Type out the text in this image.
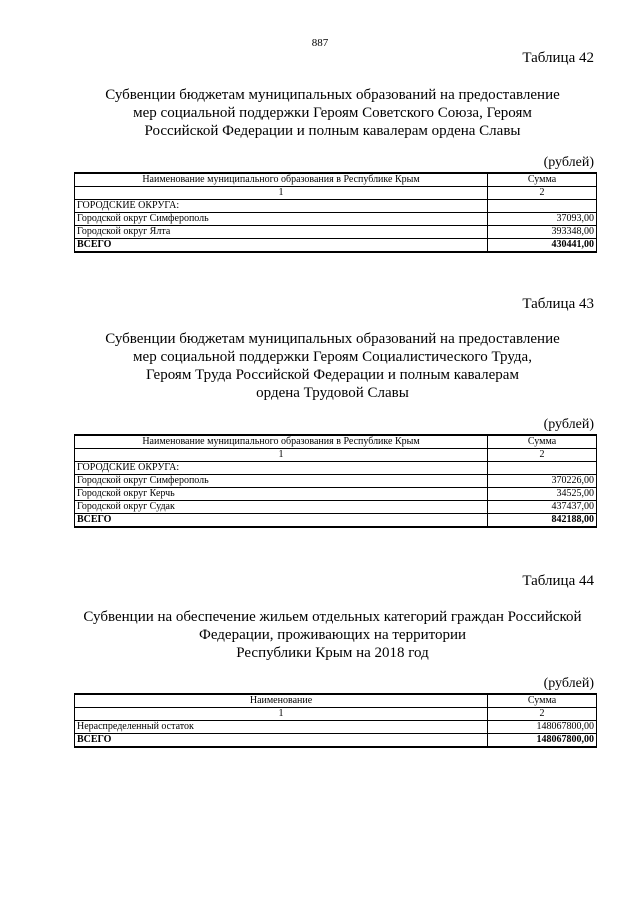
887
Таблица 42
Субвенции бюджетам муниципальных образований на предоставление
мер социальной поддержки Героям Советского Союза, Героям
Российской Федерации и полным кавалерам ордена Славы
(рублей)
Наименование муниципального образования в Республике Крым	Сумма
1	2
ГОРОДСКИЕ ОКРУГА:	
Городской округ Симферополь	37093,00
Городской округ Ялта	393348,00
ВСЕГО	430441,00
Таблица 43
Субвенции бюджетам муниципальных образований на предоставление
мер социальной поддержки Героям Социалистического Труда,
Героям Труда Российской Федерации и полным кавалерам
ордена Трудовой Славы
(рублей)
Наименование муниципального образования в Республике Крым	Сумма
1	2
ГОРОДСКИЕ ОКРУГА:	
Городской округ Симферополь	370226,00
Городской округ Керчь	34525,00
Городской округ Судак	437437,00
ВСЕГО	842188,00
Таблица 44
Субвенции на обеспечение жильем отдельных категорий граждан Российской
Федерации, проживающих на территории
Республики Крым на 2018 год
(рублей)
Наименование	Сумма
1	2
Нераспределенный остаток	148067800,00
ВСЕГО	148067800,00
